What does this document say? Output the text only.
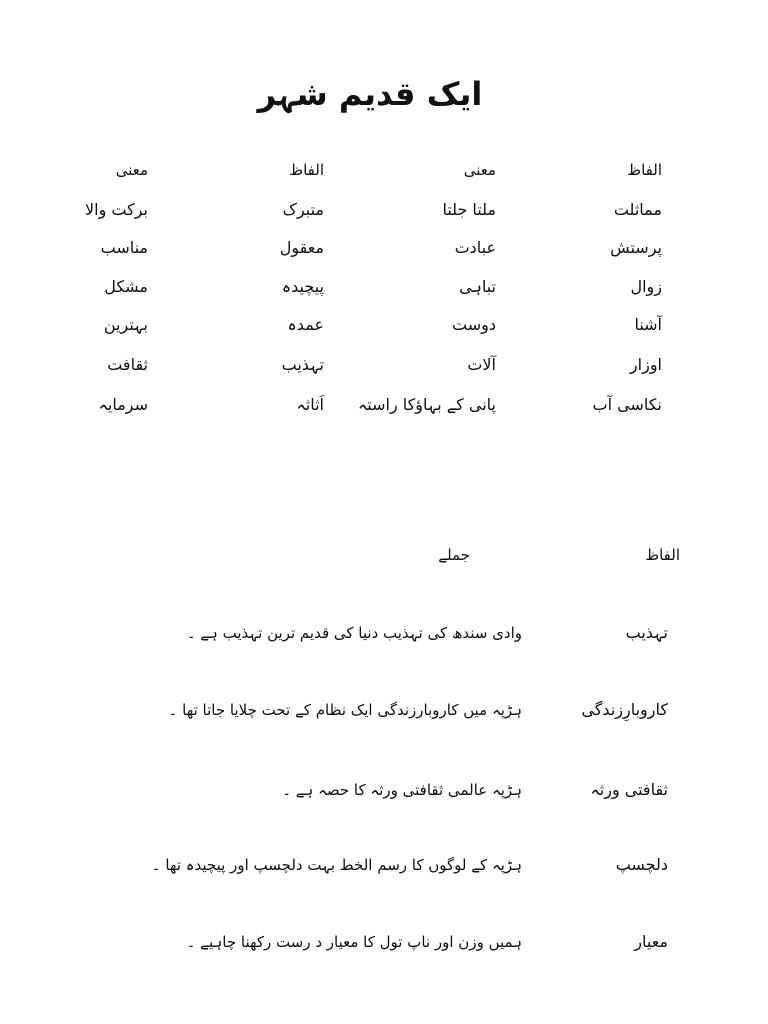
ایک قدیم شہر
الفاظ
معنی
الفاظ
معنی
مماثلت
ملتا جلتا
متبرک
برکت والا
پرستش
عبادت
معقول
مناسب
زوال
تباہی
پیچیدہ
مشکل
آشنا
دوست
عمدہ
بہترین
اوزار
آلات
تہذیب
ثقافت
نکاسی آب
پانی کے بہاؤکا راستہ
اَثاثہ
سرمایہ
الفاظ
جملے
تہذیب
وادی سندھ کی تہذیب دنیا کی قدیم ترین تہذیب ہے ۔
کاروبارِزندگی
ہڑپہ میں کاروبارزندگی ایک نظام کے تحت چلایا جاتا تھا ۔
ثقافتی ورثہ
ہڑپہ عالمی ثقافتی ورثہ کا حصہ ہے ۔
دلچسپ
ہڑپہ کے لوگوں کا رسم الخط بہت دلچسپ اور پیچیدہ تھا ۔
معیار
ہمیں وزن اور ناپ تول کا معیار د رست رکھنا چاہیے ۔
